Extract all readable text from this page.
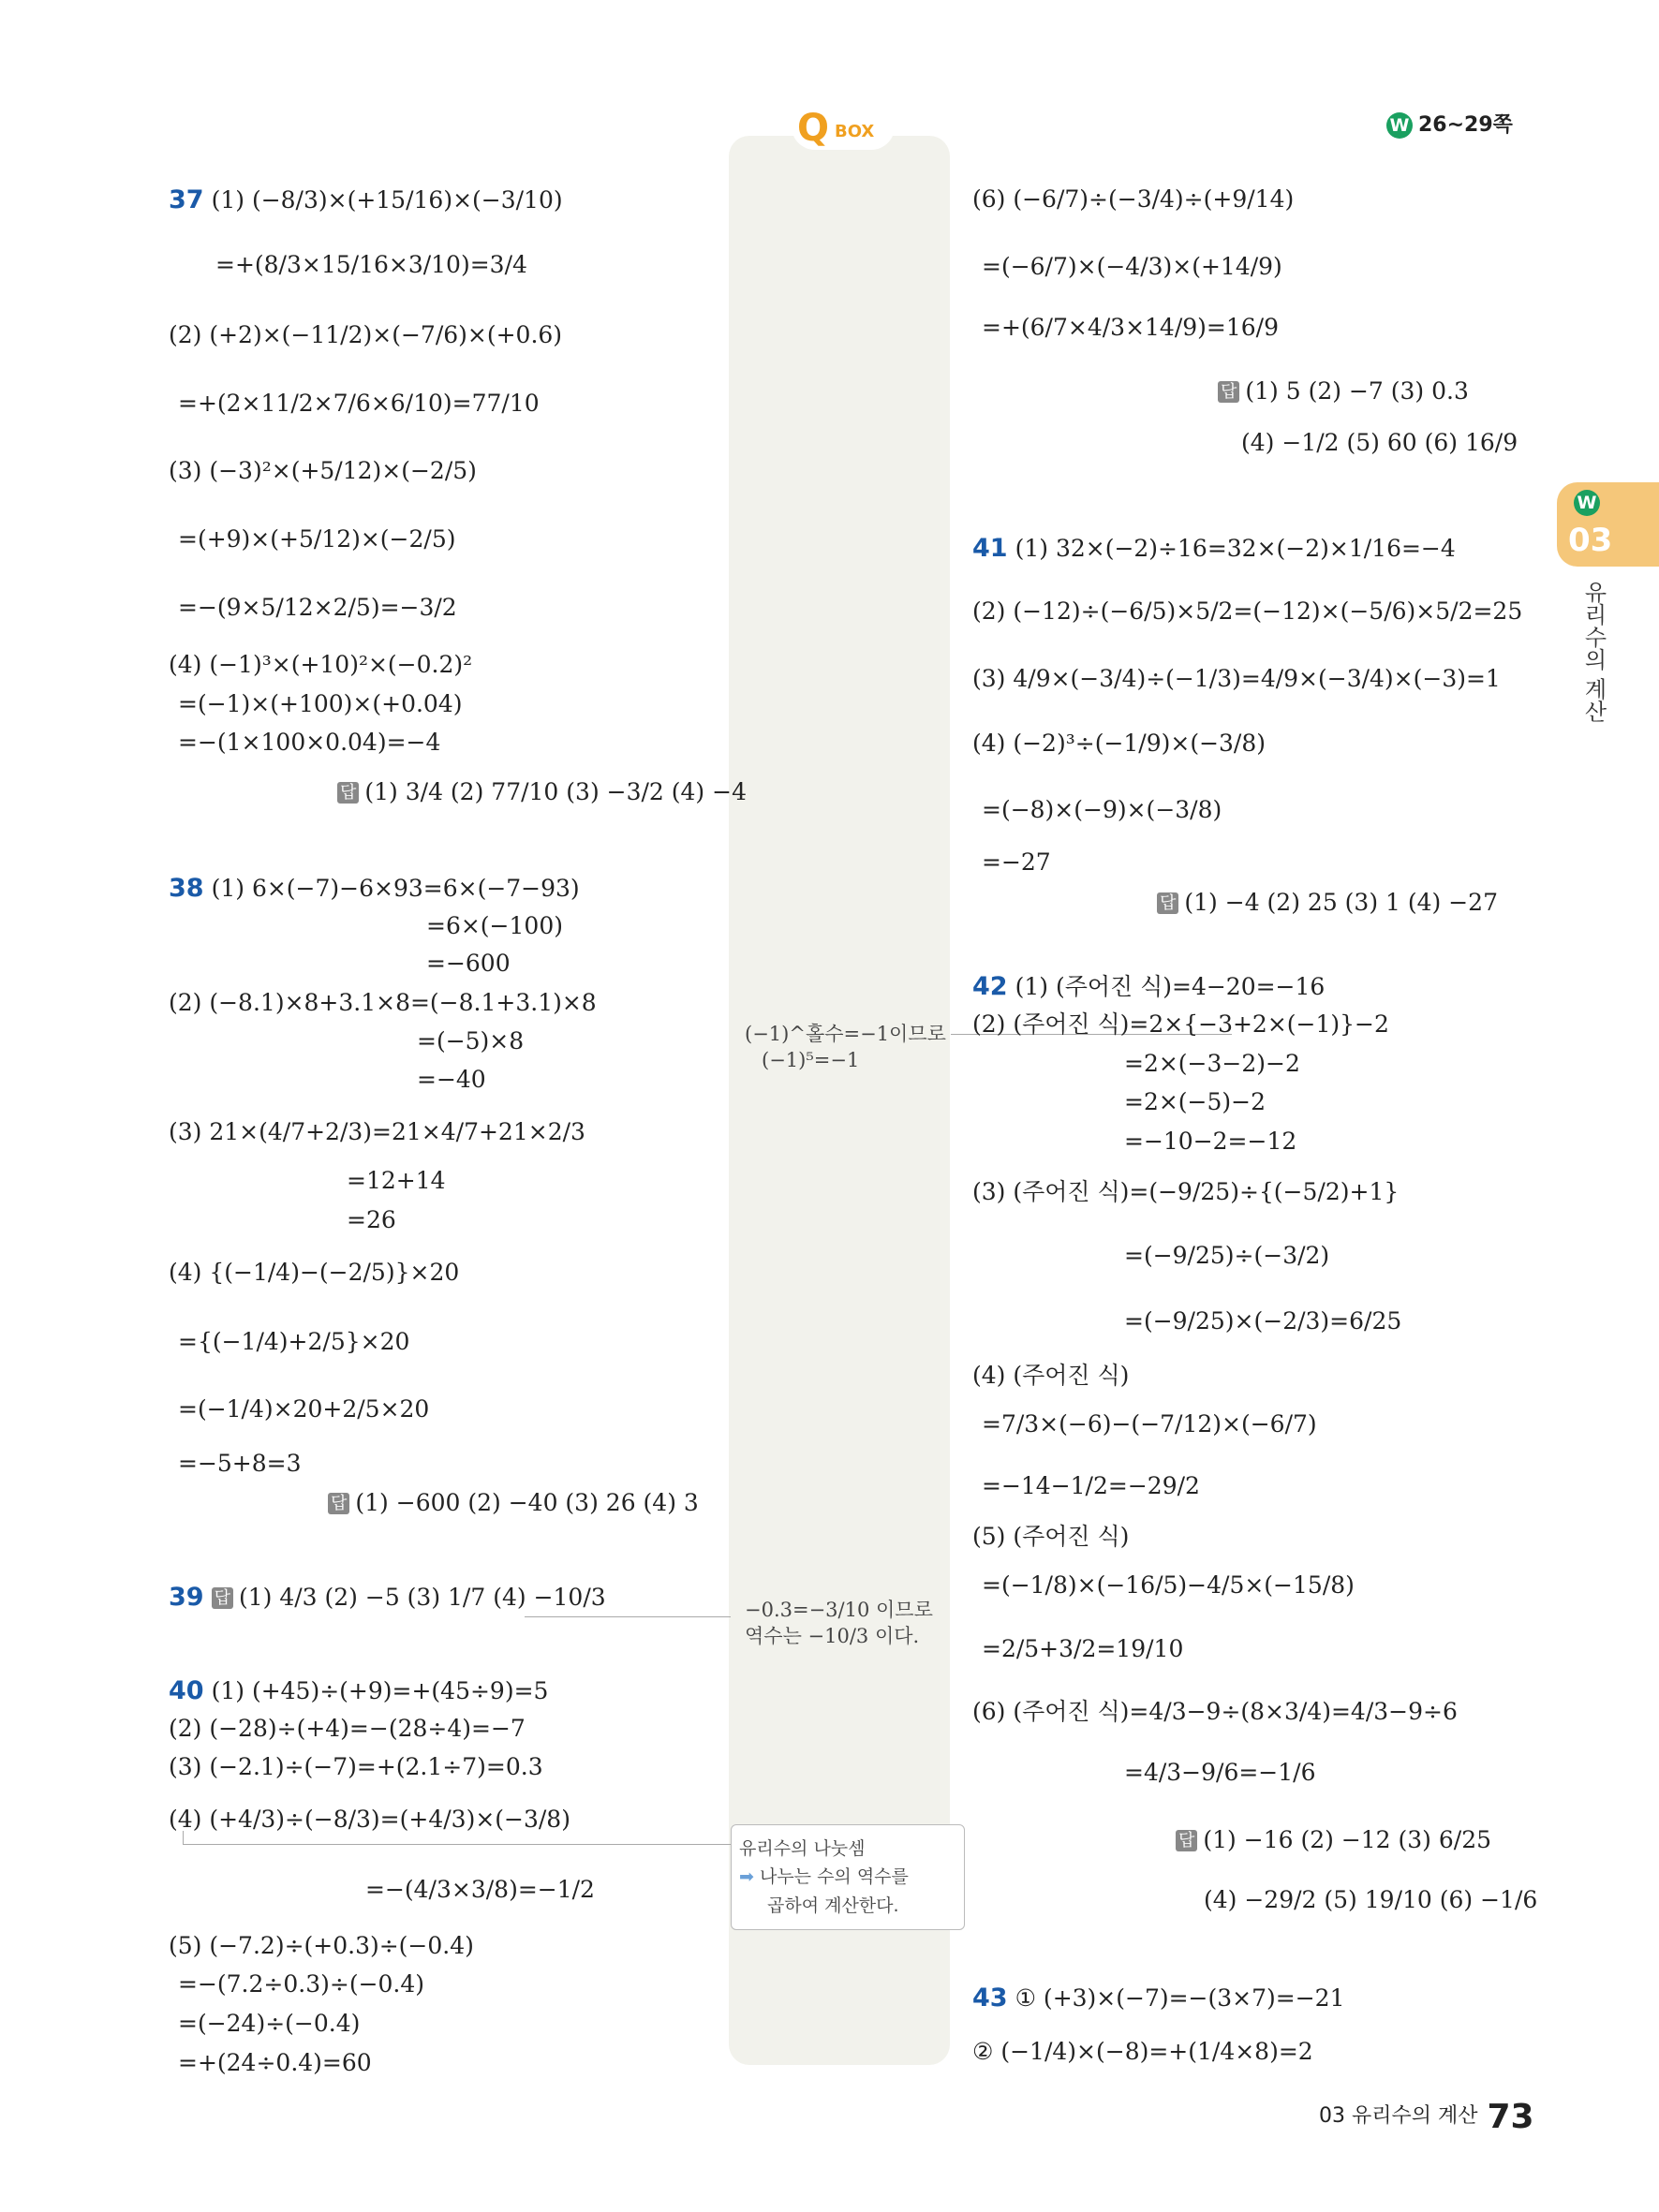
Q BOX	W 26~29쪽
W
03
유리수의 계산
(−1)^홀수=−1이므로
(−1)⁵=−1
−0.3=−3/10 이므로
역수는 −10/3 이다.
유리수의 나눗셈
➡ 나누는 수의 역수를
곱하여 계산한다.
03 유리수의 계산 73
37 (1) (−8/3)×(+15/16)×(−3/10)
=+(8/3×15/16×3/10)=3/4
(2) (+2)×(−11/2)×(−7/6)×(+0.6)
=+(2×11/2×7/6×6/10)=77/10
(3) (−3)²×(+5/12)×(−2/5)
=(+9)×(+5/12)×(−2/5)
=−(9×5/12×2/5)=−3/2
(4) (−1)³×(+10)²×(−0.2)²
=(−1)×(+100)×(+0.04)
=−(1×100×0.04)=−4
답 (1) 3/4 (2) 77/10 (3) −3/2 (4) −4
38 (1) 6×(−7)−6×93=6×(−7−93)
=6×(−100)
=−600
(2) (−8.1)×8+3.1×8=(−8.1+3.1)×8
=(−5)×8
=−40
(3) 21×(4/7+2/3)=21×4/7+21×2/3
=12+14
=26
(4) {(−1/4)−(−2/5)}×20
={(−1/4)+2/5}×20
=(−1/4)×20+2/5×20
=−5+8=3
답 (1) −600 (2) −40 (3) 26 (4) 3
39 답 (1) 4/3 (2) −5 (3) 1/7 (4) −10/3
40 (1) (+45)÷(+9)=+(45÷9)=5
(2) (−28)÷(+4)=−(28÷4)=−7
(3) (−2.1)÷(−7)=+(2.1÷7)=0.3
(4) (+4/3)÷(−8/3)=(+4/3)×(−3/8)
=−(4/3×3/8)=−1/2
(5) (−7.2)÷(+0.3)÷(−0.4)
=−(7.2÷0.3)÷(−0.4)
=(−24)÷(−0.4)
=+(24÷0.4)=60
(6) (−6/7)÷(−3/4)÷(+9/14)
=(−6/7)×(−4/3)×(+14/9)
=+(6/7×4/3×14/9)=16/9
답 (1) 5 (2) −7 (3) 0.3
(4) −1/2 (5) 60 (6) 16/9
41 (1) 32×(−2)÷16=32×(−2)×1/16=−4
(2) (−12)÷(−6/5)×5/2=(−12)×(−5/6)×5/2=25
(3) 4/9×(−3/4)÷(−1/3)=4/9×(−3/4)×(−3)=1
(4) (−2)³÷(−1/9)×(−3/8)
=(−8)×(−9)×(−3/8)
=−27
답 (1) −4 (2) 25 (3) 1 (4) −27
42 (1) (주어진 식)=4−20=−16
(2) (주어진 식)=2×{−3+2×(−1)}−2
=2×(−3−2)−2
=2×(−5)−2
=−10−2=−12
(3) (주어진 식)=(−9/25)÷{(−5/2)+1}
=(−9/25)÷(−3/2)
=(−9/25)×(−2/3)=6/25
(4) (주어진 식)
=7/3×(−6)−(−7/12)×(−6/7)
=−14−1/2=−29/2
(5) (주어진 식)
=(−1/8)×(−16/5)−4/5×(−15/8)
=2/5+3/2=19/10
(6) (주어진 식)=4/3−9÷(8×3/4)=4/3−9÷6
=4/3−9/6=−1/6
답 (1) −16 (2) −12 (3) 6/25
(4) −29/2 (5) 19/10 (6) −1/6
43 ① (+3)×(−7)=−(3×7)=−21
② (−1/4)×(−8)=+(1/4×8)=2
